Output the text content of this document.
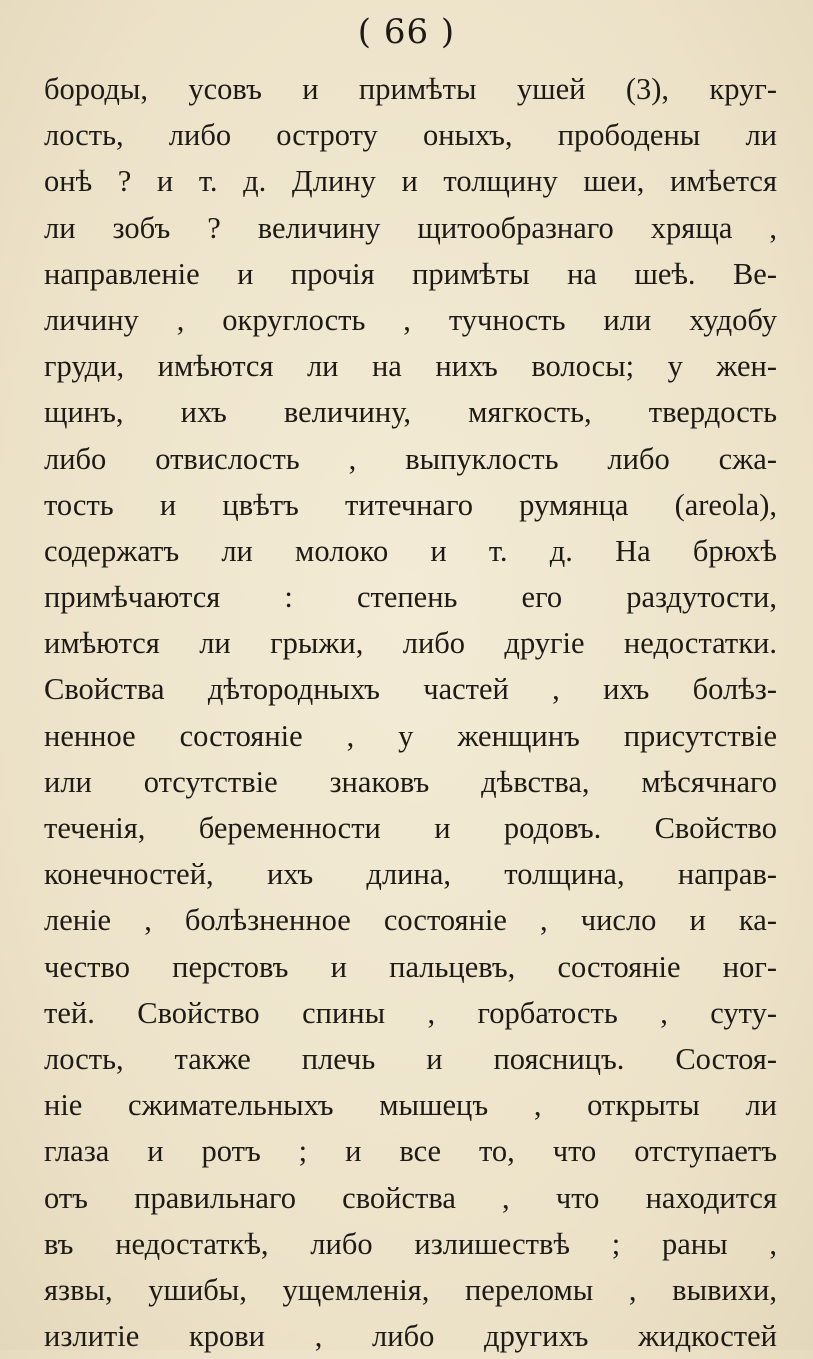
( 66 )
бороды, усовъ и примѣты ушей (3), круг-
лость, либо остроту оныхъ, прободены ли
онѣ ? и т. д. Длину и толщину шеи, имѣется
ли зобъ ? величину щитообразнаго хряща ,
направленіе и прочія примѣты на шеѣ. Ве-
личину , округлость , тучность или худобу
груди, имѣются ли на нихъ волосы; у жен-
щинъ, ихъ величину, мягкость, твердость
либо отвислость , выпуклость либо сжа-
тость и цвѣтъ титечнаго румянца (areola),
содержатъ ли молоко и т. д. На брюхѣ
примѣчаются : степень его раздутости,
имѣются ли грыжи, либо другіе недостатки.
Свойства дѣтородныхъ частей , ихъ болѣз-
ненное состояніе , у женщинъ присутствіе
или отсутствіе знаковъ дѣвства, мѣсячнаго
теченія, беременности и родовъ. Свойство
конечностей, ихъ длина, толщина, направ-
леніе , болѣзненное состояніе , число и ка-
чество перстовъ и пальцевъ, состояніе ног-
тей. Свойство спины , горбатость , суту-
лость, также плечь и поясницъ. Состоя-
ніе сжимательныхъ мышецъ , открыты ли
глаза и ротъ ; и все то, что отступаетъ
отъ правильнаго свойства , что находится
въ недостаткѣ, либо излишествѣ ; раны ,
язвы, ушибы, ущемленія, переломы , вывихи,
излитіе крови , либо другихъ жидкостей
